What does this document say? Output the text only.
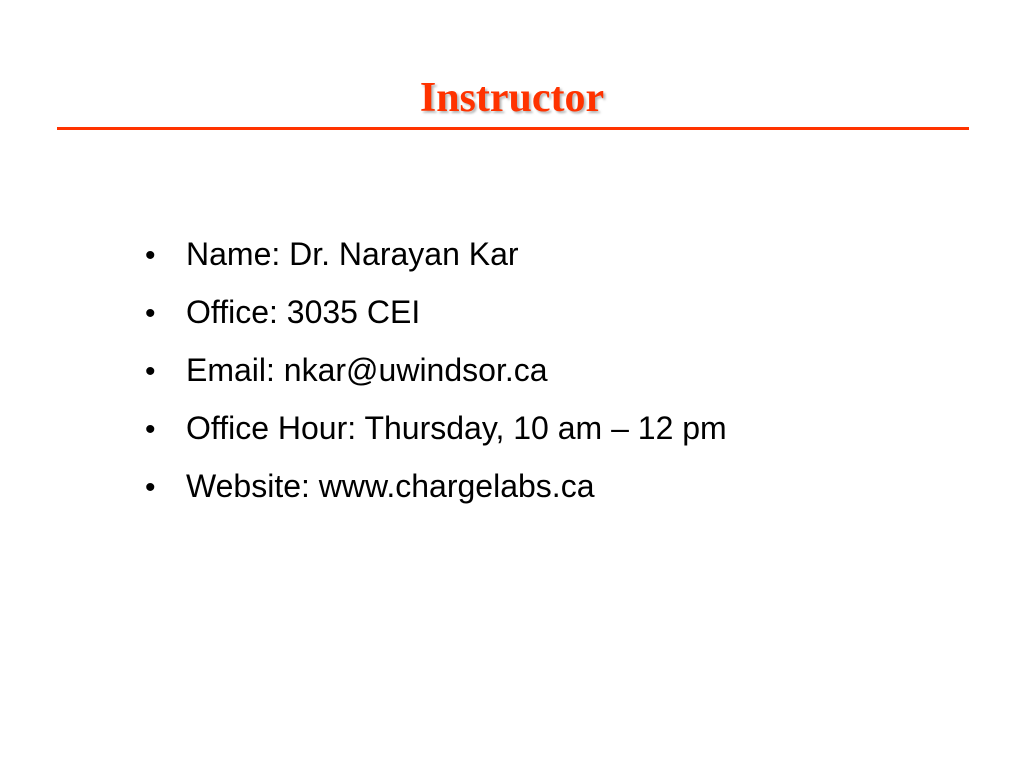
Instructor
• Name: Dr. Narayan Kar
• Office: 3035 CEI
• Email: nkar@uwindsor.ca
• Office Hour: Thursday, 10 am – 12 pm
• Website: www.chargelabs.ca
